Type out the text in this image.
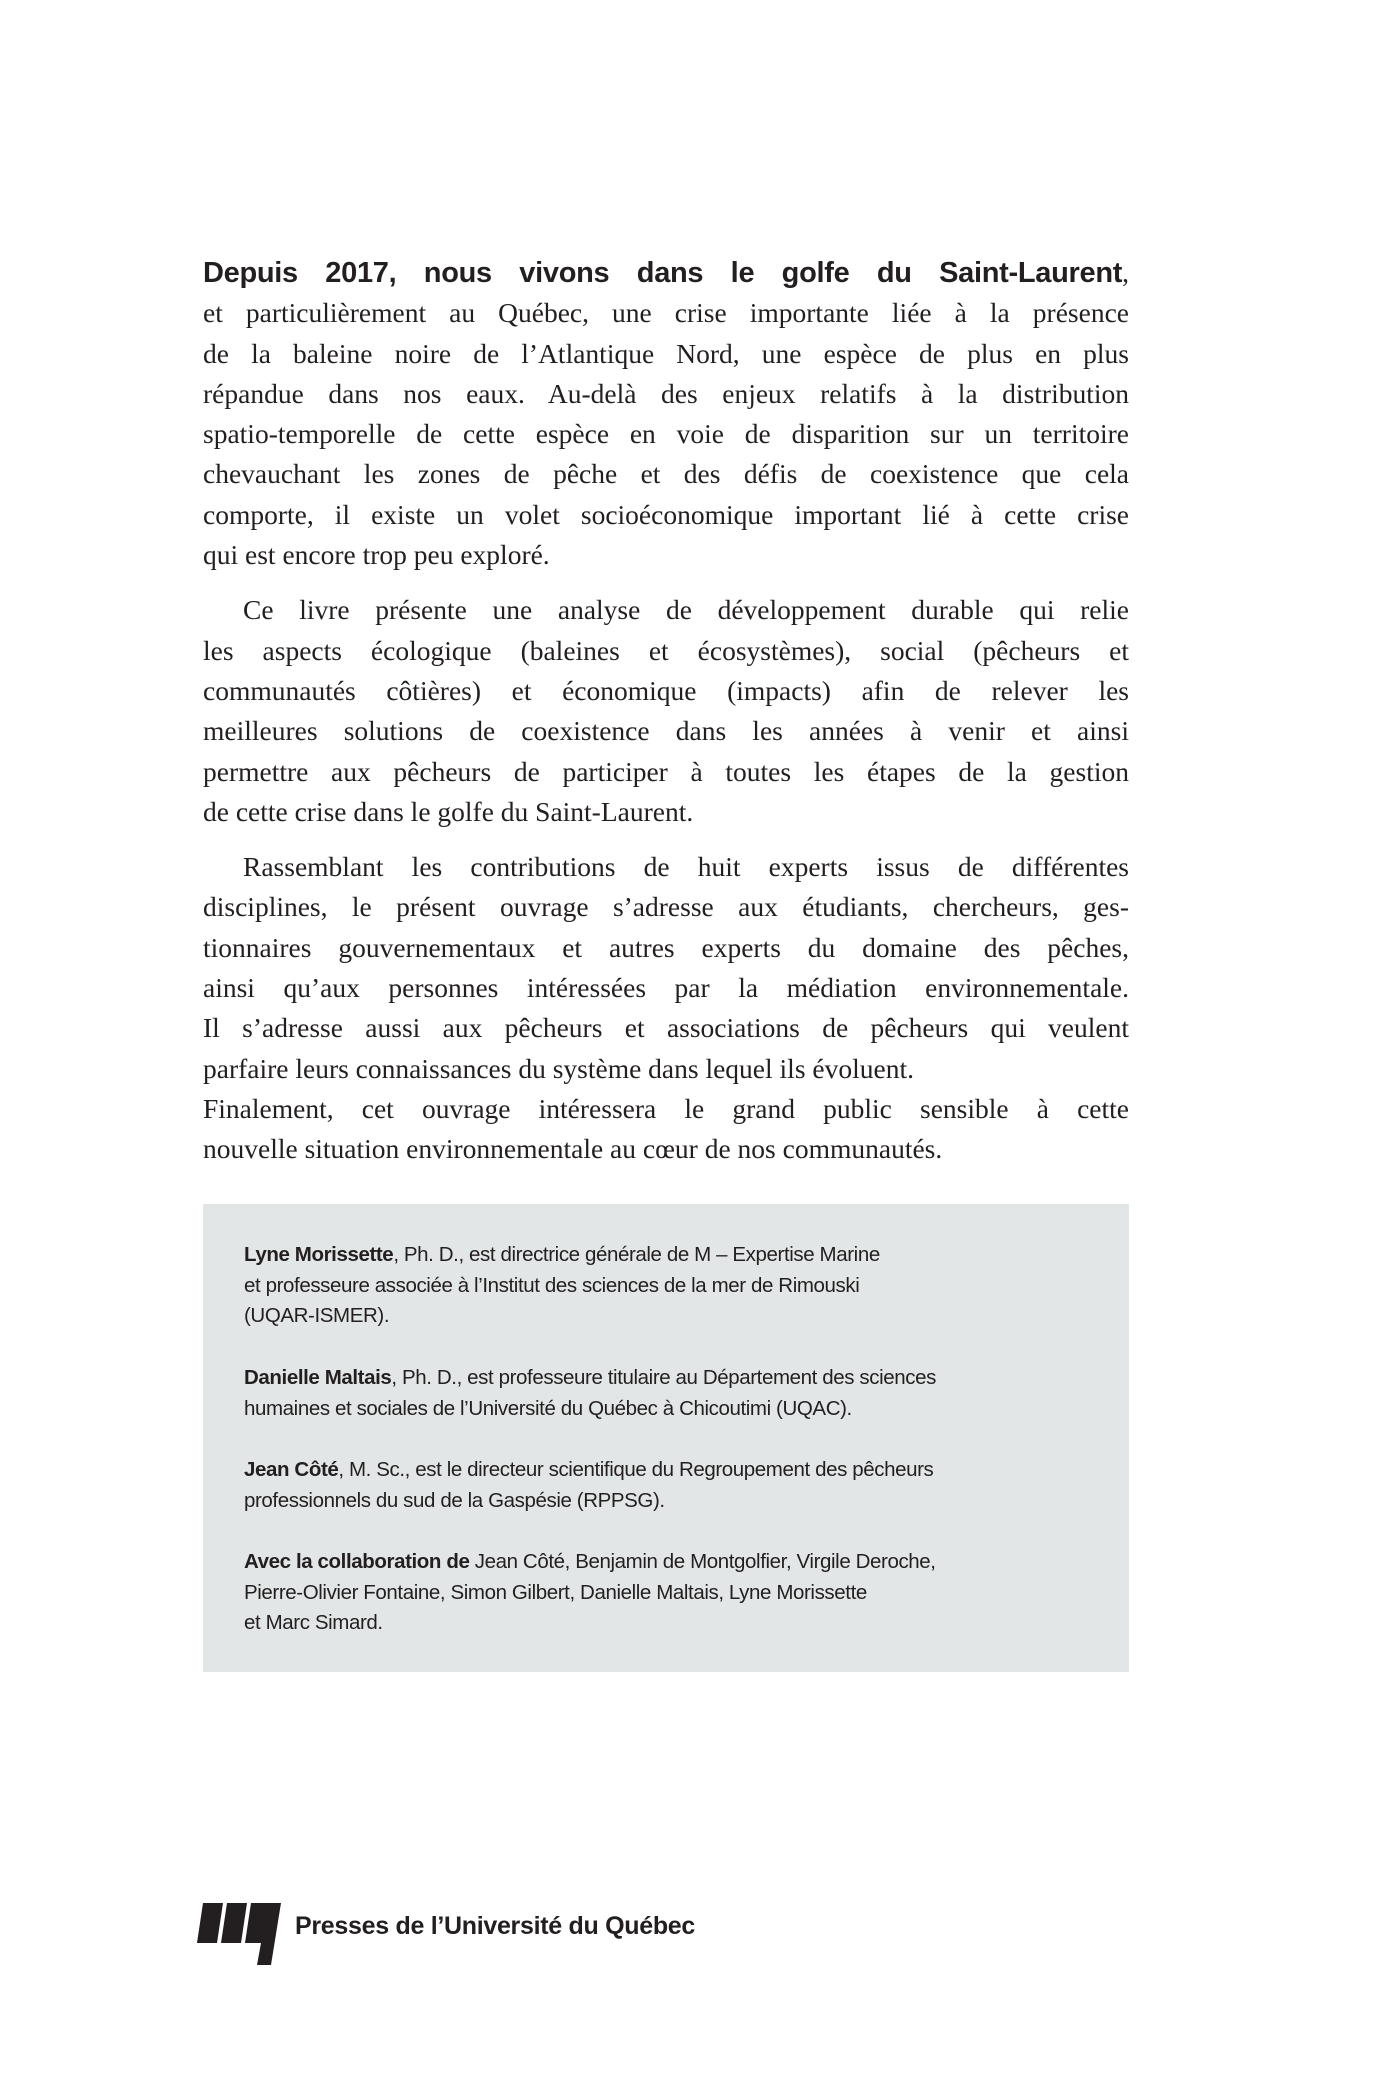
Depuis 2017, nous vivons dans le golfe du Saint-Laurent,
et particulièrement au Québec, une crise importante liée à la présence
de la baleine noire de l’Atlantique Nord, une espèce de plus en plus
répandue dans nos eaux. Au-delà des enjeux relatifs à la distribution
spatio-temporelle de cette espèce en voie de disparition sur un territoire
chevauchant les zones de pêche et des défis de coexistence que cela
comporte, il existe un volet socioéconomique important lié à cette crise
qui est encore trop peu exploré.
Ce livre présente une analyse de développement durable qui relie
les aspects écologique (baleines et écosystèmes), social (pêcheurs et
communautés côtières) et économique (impacts) afin de relever les
meilleures solutions de coexistence dans les années à venir et ainsi
permettre aux pêcheurs de participer à toutes les étapes de la gestion
de cette crise dans le golfe du Saint-Laurent.
Rassemblant les contributions de huit experts issus de différentes
disciplines, le présent ouvrage s’adresse aux étudiants, chercheurs, ges-
tionnaires gouvernementaux et autres experts du domaine des pêches,
ainsi qu’aux personnes intéressées par la médiation environnementale.
Il s’adresse aussi aux pêcheurs et associations de pêcheurs qui veulent
parfaire leurs connaissances du système dans lequel ils évoluent.
Finalement, cet ouvrage intéressera le grand public sensible à cette
nouvelle situation environnementale au cœur de nos communautés.

Lyne Morissette, Ph. D., est directrice générale de M – Expertise Marine
et professeure associée à l’Institut des sciences de la mer de Rimouski
(UQAR-ISMER).

Danielle Maltais, Ph. D., est professeure titulaire au Département des sciences
humaines et sociales de l’Université du Québec à Chicoutimi (UQAC).

Jean Côté, M. Sc., est le directeur scientifique du Regroupement des pêcheurs
professionnels du sud de la Gaspésie (RPPSG).

Avec la collaboration de Jean Côté, Benjamin de Montgolfier, Virgile Deroche,
Pierre-Olivier Fontaine, Simon Gilbert, Danielle Maltais, Lyne Morissette
et Marc Simard.

Presses de l’Université du Québec
